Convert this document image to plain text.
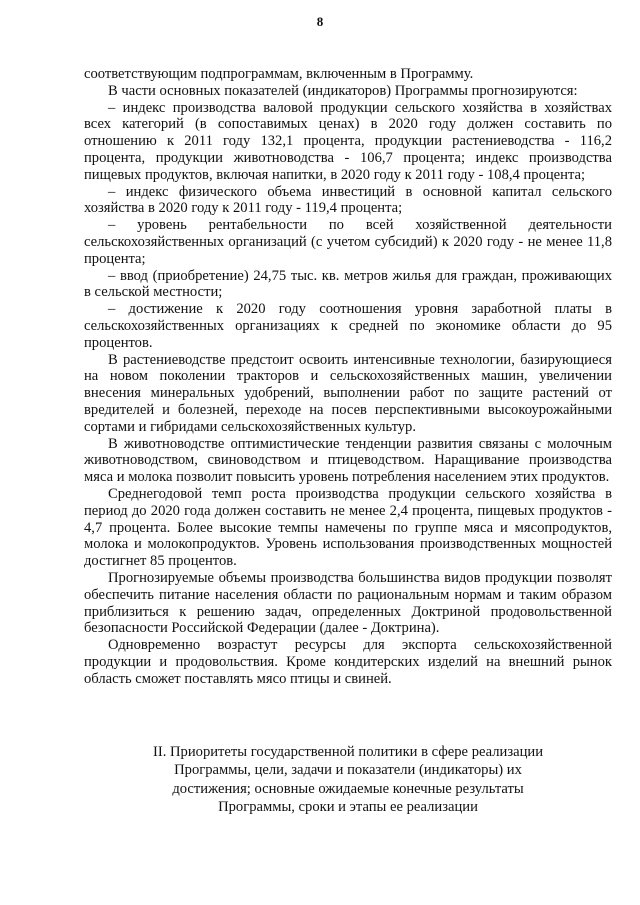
8

соответствующим подпрограммам, включенным в Программу.

В части основных показателей (индикаторов) Программы прогнозируются:

– индекс производства валовой продукции сельского хозяйства в хозяйствах всех категорий (в сопоставимых ценах) в 2020 году должен составить по отношению к 2011 году 132,1 процента, продукции растениеводства - 116,2 процента, продукции животноводства - 106,7 процента; индекс производства пищевых продуктов, включая напитки, в 2020 году к 2011 году - 108,4 процента;

– индекс физического объема инвестиций в основной капитал сельского хозяйства в 2020 году к 2011 году - 119,4 процента;

– уровень рентабельности по всей хозяйственной деятельности сельскохозяйственных организаций (с учетом субсидий) к 2020 году - не менее 11,8 процента;

– ввод (приобретение) 24,75 тыс. кв. метров жилья для граждан, проживающих в сельской местности;

– достижение к 2020 году соотношения уровня заработной платы в сельскохозяйственных организациях к средней по экономике области до 95 процентов.

В растениеводстве предстоит освоить интенсивные технологии, базирующиеся на новом поколении тракторов и сельскохозяйственных машин, увеличении внесения минеральных удобрений, выполнении работ по защите растений от вредителей и болезней, переходе на посев перспективными высокоурожайными сортами и гибридами сельскохозяйственных культур.

В животноводстве оптимистические тенденции развития связаны с молочным животноводством, свиноводством и птицеводством. Наращивание производства мяса и молока позволит повысить уровень потребления населением этих продуктов.

Среднегодовой темп роста производства продукции сельского хозяйства в период до 2020 года должен составить не менее 2,4 процента, пищевых продуктов - 4,7 процента. Более высокие темпы намечены по группе мяса и мясопродуктов, молока и молокопродуктов. Уровень использования производственных мощностей достигнет 85 процентов.

Прогнозируемые объемы производства большинства видов продукции позволят обеспечить питание населения области по рациональным нормам и таким образом приблизиться к решению задач, определенных Доктриной продовольственной безопасности Российской Федерации (далее - Доктрина).

Одновременно возрастут ресурсы для экспорта сельскохозяйственной продукции и продовольствия. Кроме кондитерских изделий на внешний рынок область сможет поставлять мясо птицы и свиней.

II. Приоритеты государственной политики в сфере реализации
Программы, цели, задачи и показатели (индикаторы) их
достижения; основные ожидаемые конечные результаты
Программы, сроки и этапы ее реализации
